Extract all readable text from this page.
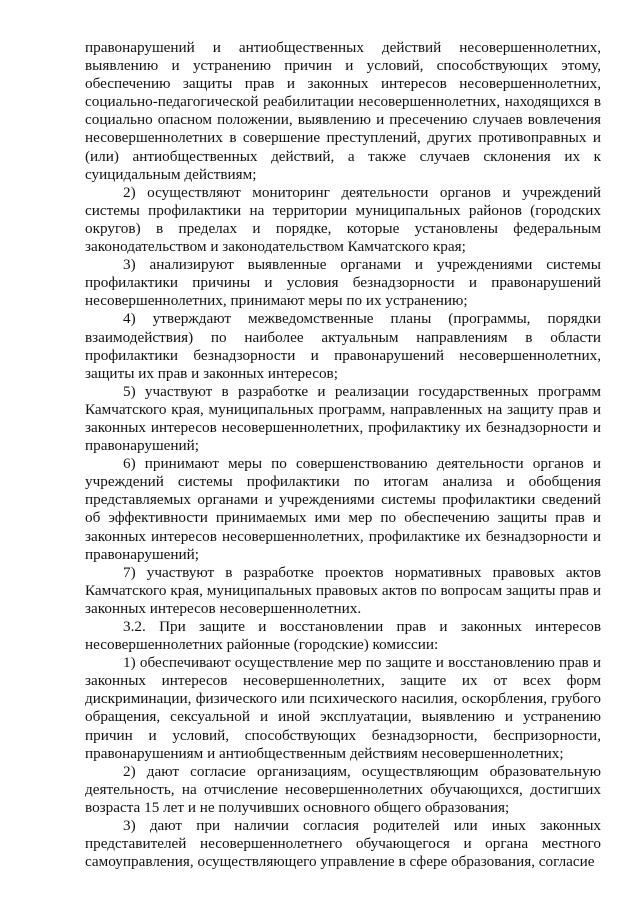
правонарушений и антиобщественных действий несовершеннолетних, выявлению и устранению причин и условий, способствующих этому, обеспечению защиты прав и законных интересов несовершеннолетних, социально-педагогической реабилитации несовершеннолетних, находящихся в социально опасном положении, выявлению и пресечению случаев вовлечения несовершеннолетних в совершение преступлений, других противоправных и (или) антиобщественных действий, а также случаев склонения их к суицидальным действиям;

2) осуществляют мониторинг деятельности органов и учреждений системы профилактики на территории муниципальных районов (городских округов) в пределах и порядке, которые установлены федеральным законодательством и законодательством Камчатского края;

3) анализируют выявленные органами и учреждениями системы профилактики причины и условия безнадзорности и правонарушений несовершеннолетних, принимают меры по их устранению;

4) утверждают межведомственные планы (программы, порядки взаимодействия) по наиболее актуальным направлениям в области профилактики безнадзорности и правонарушений несовершеннолетних, защиты их прав и законных интересов;

5) участвуют в разработке и реализации государственных программ Камчатского края, муниципальных программ, направленных на защиту прав и законных интересов несовершеннолетних, профилактику их безнадзорности и правонарушений;

6) принимают меры по совершенствованию деятельности органов и учреждений системы профилактики по итогам анализа и обобщения представляемых органами и учреждениями системы профилактики сведений об эффективности принимаемых ими мер по обеспечению защиты прав и законных интересов несовершеннолетних, профилактике их безнадзорности и правонарушений;

7) участвуют в разработке проектов нормативных правовых актов Камчатского края, муниципальных правовых актов по вопросам защиты прав и законных интересов несовершеннолетних.

3.2. При защите и восстановлении прав и законных интересов несовершеннолетних районные (городские) комиссии:

1) обеспечивают осуществление мер по защите и восстановлению прав и законных интересов несовершеннолетних, защите их от всех форм дискриминации, физического или психического насилия, оскорбления, грубого обращения, сексуальной и иной эксплуатации, выявлению и устранению причин и условий, способствующих безнадзорности, беспризорности, правонарушениям и антиобщественным действиям несовершеннолетних;

2) дают согласие организациям, осуществляющим образовательную деятельность, на отчисление несовершеннолетних обучающихся, достигших возраста 15 лет и не получивших основного общего образования;

3) дают при наличии согласия родителей или иных законных представителей несовершеннолетнего обучающегося и органа местного самоуправления, осуществляющего управление в сфере образования, согласие
